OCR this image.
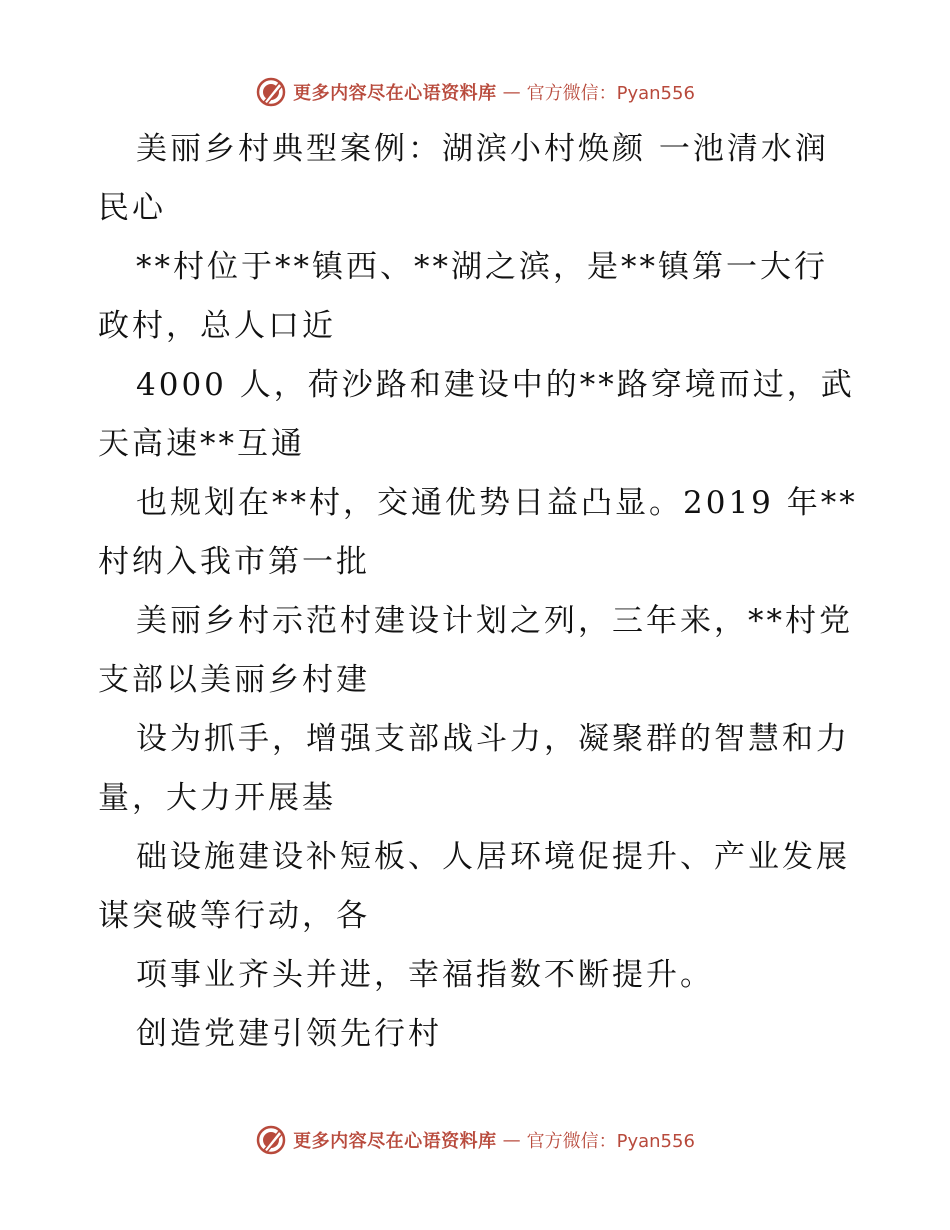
更多内容尽在心语资料库 — 官方微信：Pyan556

美丽乡村典型案例：湖滨小村焕颜 一池清水润民心

**村位于**镇西、**湖之滨，是**镇第一大行政村，总人口近

4000 人，荷沙路和建设中的**路穿境而过，武天高速**互通

也规划在**村，交通优势日益凸显。2019 年**村纳入我市第一批

美丽乡村示范村建设计划之列，三年来，**村党支部以美丽乡村建

设为抓手，增强支部战斗力，凝聚群的智慧和力量，大力开展基

础设施建设补短板、人居环境促提升、产业发展谋突破等行动，各

项事业齐头并进，幸福指数不断提升。

创造党建引领先行村

更多内容尽在心语资料库 — 官方微信：Pyan556
